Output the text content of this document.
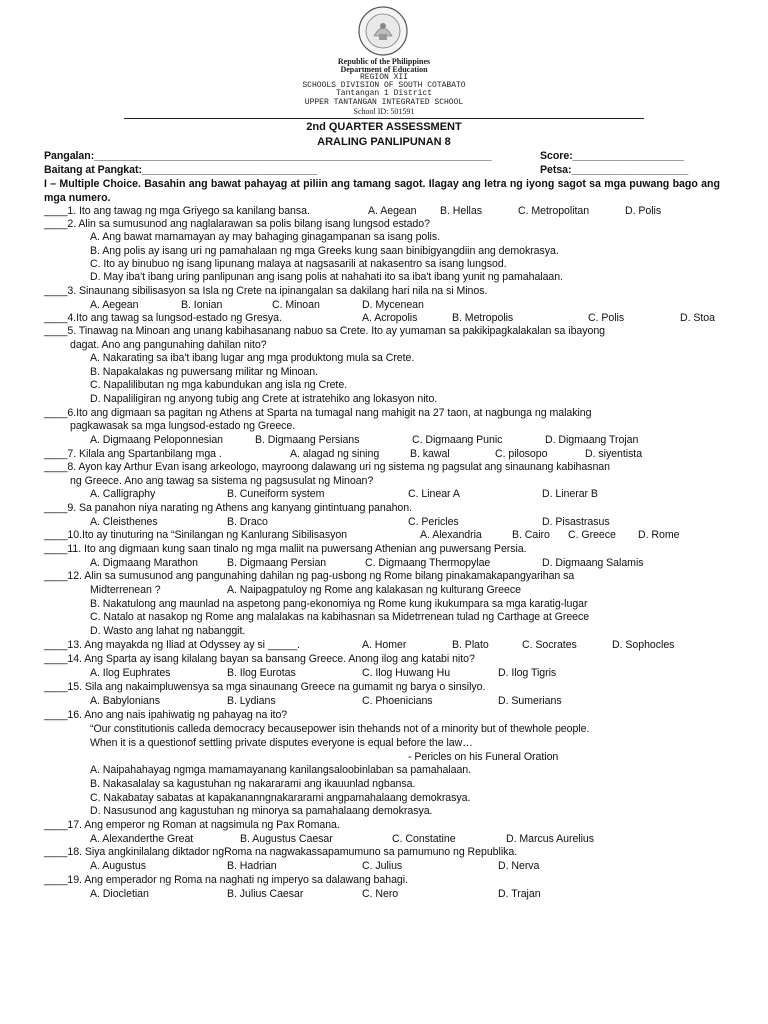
Republic of the Philippines
Department of Education
REGION XII
SCHOOLS DIVISION OF SOUTH COTABATO
Tantangan 1 District
UPPER TANTANGAN INTEGRATED SCHOOL
School ID: 501591
2nd QUARTER ASSESSMENT
ARALING PANLIPUNAN 8
Pangalan:____________________________________________________________________	Score:___________________
Baitang at Pangkat:______________________________	Petsa:____________________
I – Multiple Choice. Basahin ang bawat pahayag at piliin ang tamang sagot. Ilagay ang letra ng iyong sagot sa mga puwang bago ang mga numero.
____1. Ito ang tawag ng mga Griyego sa kanilang bansa.	A. Aegean B. Hellas	C. Metropolitan	D. Polis
____2. Alin sa sumusunod ang naglalarawan sa polis bilang isang lungsod estado?
A. Ang bawat mamamayan ay may bahaging ginagampanan sa isang polis.
B. Ang polis ay isang uri ng pamahalaan ng mga Greeks kung saan binibigyangdiin ang demokrasya.
C. Ito ay binubuo ng isang lipunang malaya at nagsasarili at nakasentro sa isang lungsod.
D. May iba't ibang uring panlipunan ang isang polis at nahahati ito sa iba't ibang yunit ng pamahalaan.
____3. Sinaunang sibilisasyon sa Isla ng Crete na ipinangalan sa dakilang hari nila na si Minos.
A. Aegean	B. Ionian	C. Minoan	D. Mycenean
____4.Ito ang tawag sa lungsod-estado ng Gresya.	A. Acropolis	B. Metropolis	C. Polis	D. Stoa
____5. Tinawag na Minoan ang unang kabihasanang nabuo sa Crete. Ito ay yumaman sa pakikipagkalakalan sa ibayong
dagat. Ano ang pangunahing dahilan nito?
A. Nakarating sa iba't ibang lugar ang mga produktong mula sa Crete.
B. Napakalakas ng puwersang militar ng Minoan.
C. Napalilibutan ng mga kabundukan ang isla ng Crete.
D. Napaliligiran ng anyong tubig ang Crete at istratehiko ang lokasyon nito.
____6.Ito ang digmaan sa pagitan ng Athens at Sparta na tumagal nang mahigit na 27 taon, at nagbunga ng malaking
pagkawasak sa mga lungsod-estado ng Greece.
A. Digmaang Peloponnesian	B. Digmaang Persians	C. Digmaang Punic	D. Digmaang Trojan
____7. Kilala ang Spartanbilang mga .	A. alagad ng sining	B. kawal	C. pilosopo	D. siyentista
____8. Ayon kay Arthur Evan isang arkeologo, mayroong dalawang uri ng sistema ng pagsulat ang sinaunang kabihasnan
ng Greece. Ano ang tawag sa sistema ng pagsusulat ng Minoan?
A. Calligraphy	B. Cuneiform system	C. Linear A	D. Linerar B
____9. Sa panahon niya narating ng Athens ang kanyang gintintuang panahon.
A. Cleisthenes	B. Draco	C. Pericles	D. Pisastrasus
____10.Ito ay tinuturing na “Sinilangan ng Kanlurang Sibilisasyon	A. Alexandria	B. Cairo C. Greece D. Rome
____11. Ito ang digmaan kung saan tinalo ng mga maliit na puwersang Athenian ang puwersang Persia.
A. Digmaang Marathon	B. Digmaang Persian	C. Digmaang Thermopylae	D. Digmaang Salamis
____12. Alin sa sumusunod ang pangunahing dahilan ng pag-usbong ng Rome bilang pinakamakapangyarihan sa
Midterrenean ?	A. Naipagpatuloy ng Rome ang kalakasan ng kulturang Greece
B. Nakatulong ang maunlad na aspetong pang-ekonomiya ng Rome kung ikukumpara sa mga karatig-lugar
C. Natalo at nasakop ng Rome ang malalakas na kabihasnan sa Midetrrenean tulad ng Carthage at Greece
D. Wasto ang lahat ng nabanggit.
____13. Ang mayakda ng Iliad at Odyssey ay si _____.	A. Homer	B. Plato	C. Socrates	D. Sophocles
____14. Ang Sparta ay isang kilalang bayan sa bansang Greece. Anong ilog ang katabi nito?
A. Ilog Euphrates	B. Ilog Eurotas	C. Ilog Huwang Hu	D. Ilog Tigris
____15. Sila ang nakaimpluwensya sa mga sinaunang Greece na gumamit ng barya o sinsilyo.
A. Babylonians	B. Lydians	C. Phoenicians	D. Sumerians
____16. Ano ang nais ipahiwatig ng pahayag na ito?
“Our constitutionis calleda democracy becausepower isin thehands not of a minority but of thewhole people.
When it is a questionof settling private disputes everyone is equal before the law…
- Pericles on his Funeral Oration
A. Naipahahayag ngmga mamamayanang kanilangsaloobinlaban sa pamahalaan.
B. Nakasalalay sa kagustuhan ng nakararami ang ikauunlad ngbansa.
C. Nakabatay sabatas at kapakananngnakararami angpamahalaang demokrasya.
D. Nasusunod ang kagustuhan ng minorya sa pamahalaang demokrasya.
____17. Ang emperor ng Roman at nagsimula ng Pax Romana.
A. Alexanderthe Great	B. Augustus Caesar	C. Constatine	D. Marcus Aurelius
____18. Siya angkinilalang diktador ngRoma na nagwakassapamumuno sa pamumuno ng Republika.
A. Augustus	B. Hadrian	C. Julius	D. Nerva
____19. Ang emperador ng Roma na naghati ng imperyo sa dalawang bahagi.
A. Diocletian	B. Julius Caesar	C. Nero	D. Trajan
